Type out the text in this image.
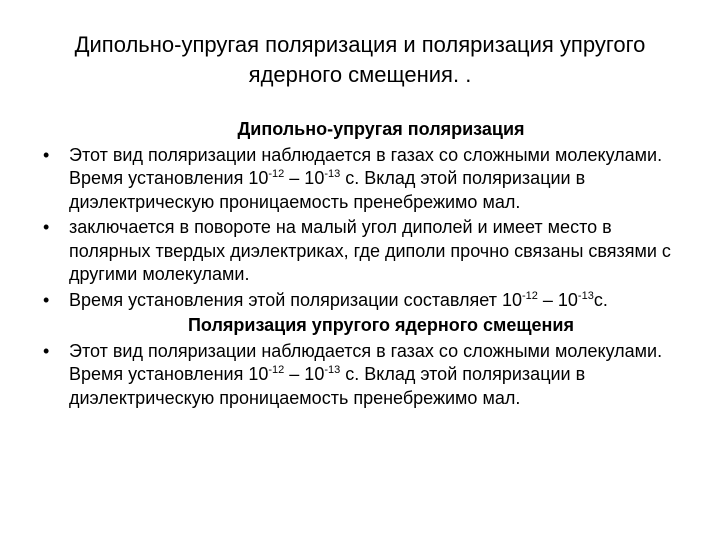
Дипольно-упругая поляризация и поляризация упругого
ядерного смещения. .
Дипольно-упругая поляризация
•	Этот вид поляризации наблюдается в газах со сложными молекулами. Время установления $10^{-12} - 10^{-13}$ с. Вклад этой поляризации в диэлектрическую проницаемость пренебрежимо мал.
•	заключается в повороте на малый угол диполей и имеет место в полярных твердых диэлектриках, где диполи прочно связаны связями с другими молекулами.
•	Время установления этой поляризации составляет $10^{-12} - 10^{-13}с$.
Поляризация упругого ядерного смещения
•	Этот вид поляризации наблюдается в газах со сложными молекулами. Время установления $10^{-12} - 10^{-13}$ с. Вклад этой поляризации в диэлектрическую проницаемость пренебрежимо мал.
